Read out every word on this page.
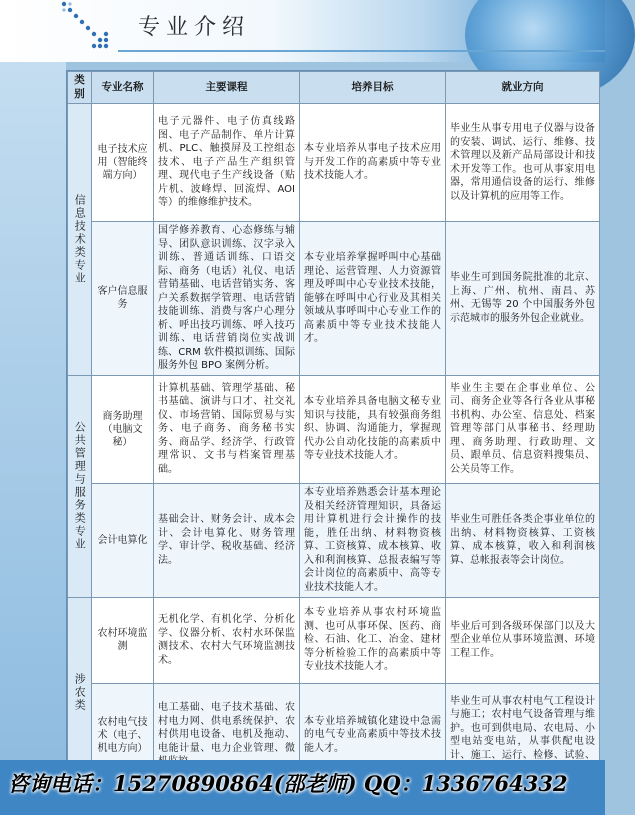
专业介绍
类别	专业名称	主要课程	培养目标	就业方向
信息技术类专业	电子技术应用（智能终端方向）	电子元器件、电子仿真线路图、电子产品制作、单片计算机、PLC、触摸屏及工控组态技术、电子产品生产组织管理、现代电子生产线设备（贴片机、波峰焊、回流焊、AOI等）的维修维护技术。	本专业培养从事电子技术应用与开发工作的高素质中等专业技术技能人才。	毕业生从事专用电子仪器与设备的安装、调试、运行、维修、技术管理以及新产品局部设计和技术开发等工作。也可从事家用电器，常用通信设备的运行、维修以及计算机的应用等工作。
	客户信息服务	国学修养教育、心态修练与辅导、团队意识训练、汉字录入训练、普通话训练、口语交际、商务（电话）礼仪、电话营销基础、电话营销实务、客户关系数据学管理、电话营销技能训练、消费与客户心理分析、呼出技巧训练、呼入技巧训练、电话营销岗位实战训练、CRM 软件模拟训练、国际服务外包 BPO 案例分析。	本专业培养掌握呼叫中心基础理论、运营管理、人力资源管理及呼叫中心专业技术技能，能够在呼叫中心行业及其相关领域从事呼叫中心专业工作的高素质中等专业技术技能人才。	毕业生可到国务院批准的北京、上海、广州、杭州、南昌、苏州、无锡等 20 个中国服务外包示范城市的服务外包企业就业。
公共管理与服务类专业	商务助理（电脑文秘）	计算机基础、管理学基础、秘书基础、演讲与口才、社交礼仪、市场营销、国际贸易与实务、电子商务、商务秘书实务、商品学、经济学、行政管理常识、文书与档案管理基础。	本专业培养具备电脑文秘专业知识与技能，具有较强商务组织、协调、沟通能力，掌握现代办公自动化技能的高素质中等专业技术技能人才。	毕业生主要在企事业单位、公司、商务企业等各行各业从事秘书机构、办公室、信息处、档案管理等部门从事秘书、经理助理、商务助理、行政助理、文员、跟单员、信息资料搜集员、公关员等工作。
	会计电算化	基础会计、财务会计、成本会计、会计电算化、财务管理学、审计学、税收基础、经济法。	本专业培养熟悉会计基本理论及相关经济管理知识，具备运用计算机进行会计操作的技能，胜任出纳、材料物资核算、工资核算、成本核算、收入和利润核算、总报表编写等会计岗位的高素质中、高等专业技术技能人才。	毕业生可胜任各类企事业单位的出纳、材料物资核算、工资核算、成本核算，收入和利润核算、总帐报表等会计岗位。
涉农类	农村环境监测	无机化学、有机化学、分析化学、仪器分析、农村水环保监测技术、农村大气环境监测技术。	本专业培养从事农村环境监测、也可从事环保、医药、商检、石油、化工、冶金、建材等分析检验工作的高素质中等专业技术技能人才。	毕业后可到各级环保部门以及大型企业单位从事环境监测、环境工程工作。
	农村电气技术（电子、机电方向）	电工基础、电子技术基础、农村电力网、供电系统保护、农村供用电设备、电机及拖动、电能计量、电力企业管理、微	本专业培养城镇化建设中急需的电气专业高素质中等技术技能人才。	毕业生可从事农村电气工程设计与施工；农村电气设备管理与维护。也可到供电局、农电局、小型电站变电站，从事供配电设计、施工、运行、检修、试验、
咨询电话：15270890864(邵老师) QQ：1336764332
